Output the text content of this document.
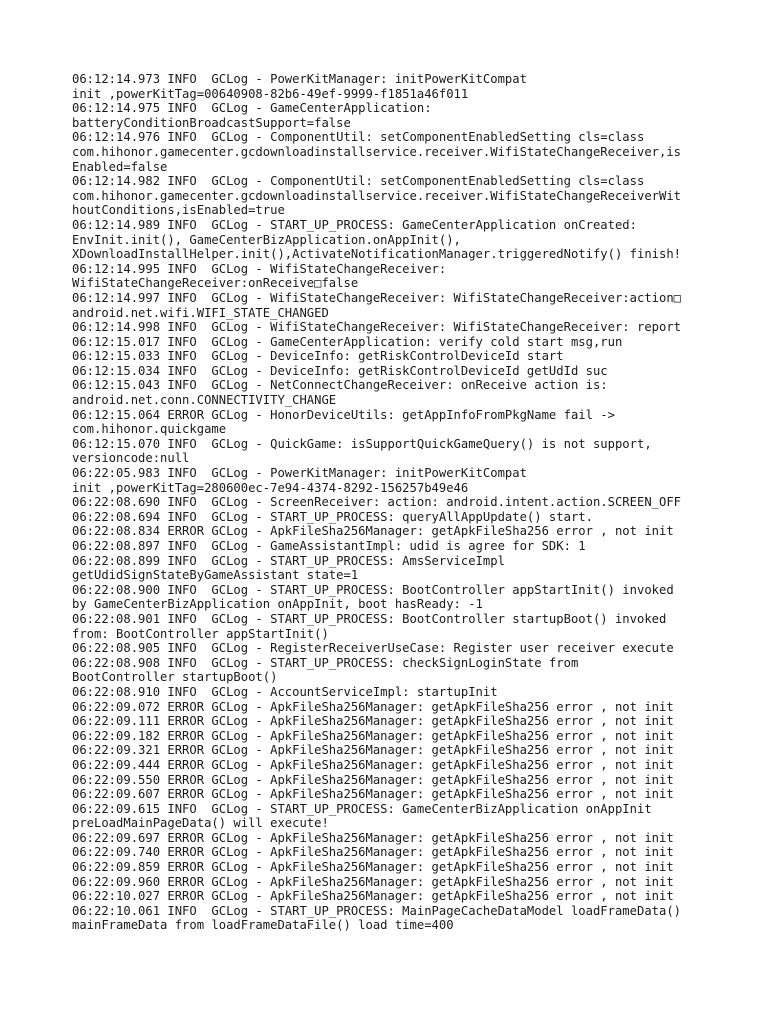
06:12:14.973 INFO  GCLog - PowerKitManager: initPowerKitCompat
init ,powerKitTag=00640908-82b6-49ef-9999-f1851a46f011
06:12:14.975 INFO  GCLog - GameCenterApplication:
batteryConditionBroadcastSupport=false
06:12:14.976 INFO  GCLog - ComponentUtil: setComponentEnabledSetting cls=class
com.hihonor.gamecenter.gcdownloadinstallservice.receiver.WifiStateChangeReceiver,is
Enabled=false
06:12:14.982 INFO  GCLog - ComponentUtil: setComponentEnabledSetting cls=class
com.hihonor.gamecenter.gcdownloadinstallservice.receiver.WifiStateChangeReceiverWit
houtConditions,isEnabled=true
06:12:14.989 INFO  GCLog - START_UP_PROCESS: GameCenterApplication onCreated:
EnvInit.init(), GameCenterBizApplication.onAppInit(),
XDownloadInstallHelper.init(),ActivateNotificationManager.triggeredNotify() finish!
06:12:14.995 INFO  GCLog - WifiStateChangeReceiver:
WifiStateChangeReceiver:onReceive□false
06:12:14.997 INFO  GCLog - WifiStateChangeReceiver: WifiStateChangeReceiver:action□
android.net.wifi.WIFI_STATE_CHANGED
06:12:14.998 INFO  GCLog - WifiStateChangeReceiver: WifiStateChangeReceiver: report
06:12:15.017 INFO  GCLog - GameCenterApplication: verify cold start msg,run
06:12:15.033 INFO  GCLog - DeviceInfo: getRiskControlDeviceId start
06:12:15.034 INFO  GCLog - DeviceInfo: getRiskControlDeviceId getUdId suc
06:12:15.043 INFO  GCLog - NetConnectChangeReceiver: onReceive action is:
android.net.conn.CONNECTIVITY_CHANGE
06:12:15.064 ERROR GCLog - HonorDeviceUtils: getAppInfoFromPkgName fail ->
com.hihonor.quickgame
06:12:15.070 INFO  GCLog - QuickGame: isSupportQuickGameQuery() is not support,
versioncode:null
06:22:05.983 INFO  GCLog - PowerKitManager: initPowerKitCompat
init ,powerKitTag=280600ec-7e94-4374-8292-156257b49e46
06:22:08.690 INFO  GCLog - ScreenReceiver: action: android.intent.action.SCREEN_OFF
06:22:08.694 INFO  GCLog - START_UP_PROCESS: queryAllAppUpdate() start.
06:22:08.834 ERROR GCLog - ApkFileSha256Manager: getApkFileSha256 error , not init
06:22:08.897 INFO  GCLog - GameAssistantImpl: udid is agree for SDK: 1
06:22:08.899 INFO  GCLog - START_UP_PROCESS: AmsServiceImpl
getUdidSignStateByGameAssistant state=1
06:22:08.900 INFO  GCLog - START_UP_PROCESS: BootController appStartInit() invoked
by GameCenterBizApplication onAppInit, boot hasReady: -1
06:22:08.901 INFO  GCLog - START_UP_PROCESS: BootController startupBoot() invoked
from: BootController appStartInit()
06:22:08.905 INFO  GCLog - RegisterReceiverUseCase: Register user receiver execute
06:22:08.908 INFO  GCLog - START_UP_PROCESS: checkSignLoginState from
BootController startupBoot()
06:22:08.910 INFO  GCLog - AccountServiceImpl: startupInit
06:22:09.072 ERROR GCLog - ApkFileSha256Manager: getApkFileSha256 error , not init
06:22:09.111 ERROR GCLog - ApkFileSha256Manager: getApkFileSha256 error , not init
06:22:09.182 ERROR GCLog - ApkFileSha256Manager: getApkFileSha256 error , not init
06:22:09.321 ERROR GCLog - ApkFileSha256Manager: getApkFileSha256 error , not init
06:22:09.444 ERROR GCLog - ApkFileSha256Manager: getApkFileSha256 error , not init
06:22:09.550 ERROR GCLog - ApkFileSha256Manager: getApkFileSha256 error , not init
06:22:09.607 ERROR GCLog - ApkFileSha256Manager: getApkFileSha256 error , not init
06:22:09.615 INFO  GCLog - START_UP_PROCESS: GameCenterBizApplication onAppInit
preLoadMainPageData() will execute!
06:22:09.697 ERROR GCLog - ApkFileSha256Manager: getApkFileSha256 error , not init
06:22:09.740 ERROR GCLog - ApkFileSha256Manager: getApkFileSha256 error , not init
06:22:09.859 ERROR GCLog - ApkFileSha256Manager: getApkFileSha256 error , not init
06:22:09.960 ERROR GCLog - ApkFileSha256Manager: getApkFileSha256 error , not init
06:22:10.027 ERROR GCLog - ApkFileSha256Manager: getApkFileSha256 error , not init
06:22:10.061 INFO  GCLog - START_UP_PROCESS: MainPageCacheDataModel loadFrameData()
mainFrameData from loadFrameDataFile() load time=400
